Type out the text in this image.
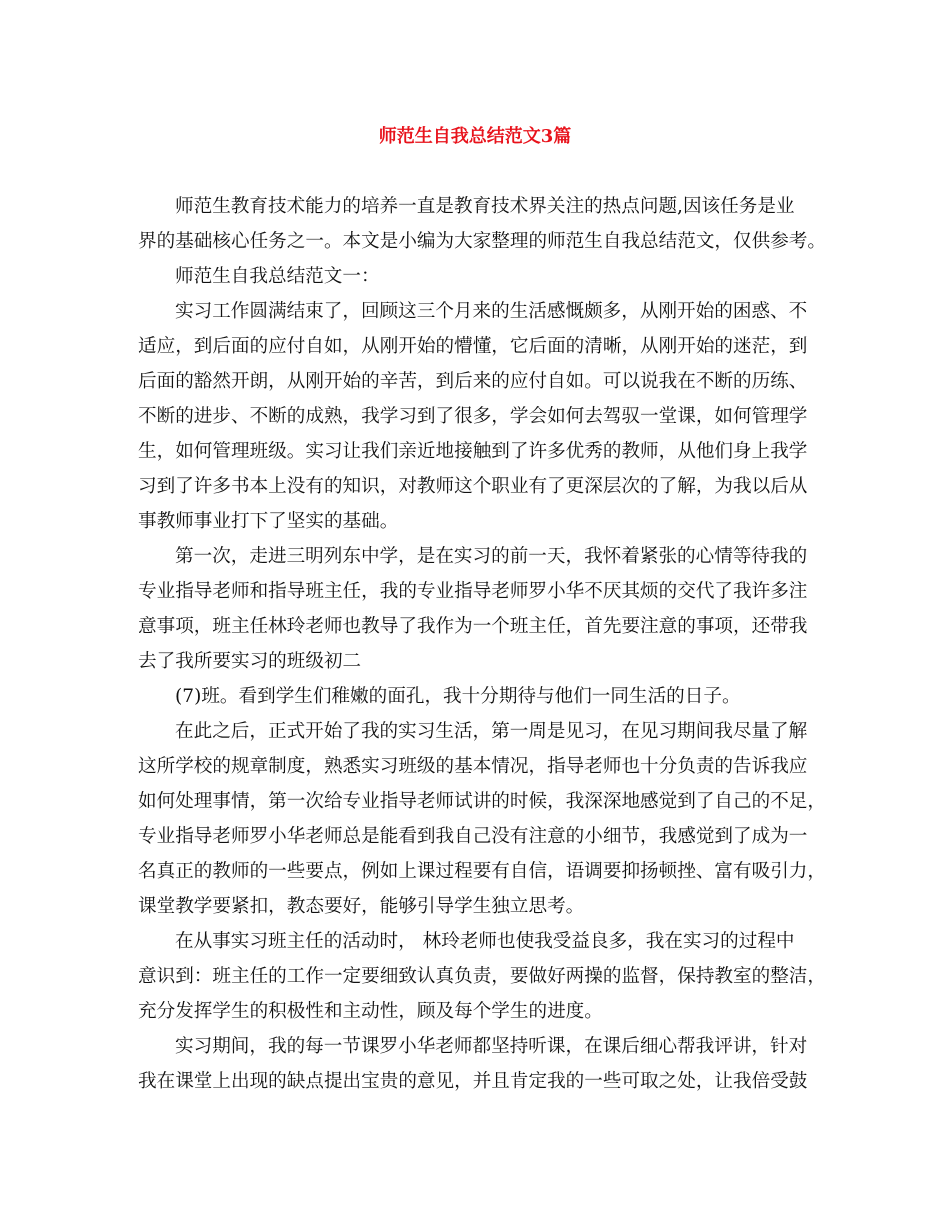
师范生自我总结范文3篇
师范生教育技术能力的培养一直是教育技术界关注的热点问题,因该任务是业
界的基础核心任务之一。本文是小编为大家整理的师范生自我总结范文，仅供参考。
师范生自我总结范文一：
实习工作圆满结束了，回顾这三个月来的生活感慨颇多，从刚开始的困惑、不
适应，到后面的应付自如，从刚开始的懵懂，它后面的清晰，从刚开始的迷茫，到
后面的豁然开朗，从刚开始的辛苦，到后来的应付自如。可以说我在不断的历练、
不断的进步、不断的成熟，我学习到了很多，学会如何去驾驭一堂课，如何管理学
生，如何管理班级。实习让我们亲近地接触到了许多优秀的教师，从他们身上我学
习到了许多书本上没有的知识，对教师这个职业有了更深层次的了解，为我以后从
事教师事业打下了坚实的基础。
第一次，走进三明列东中学，是在实习的前一天，我怀着紧张的心情等待我的
专业指导老师和指导班主任，我的专业指导老师罗小华不厌其烦的交代了我许多注
意事项，班主任林玲老师也教导了我作为一个班主任，首先要注意的事项，还带我
去了我所要实习的班级初二
(7)班。看到学生们稚嫩的面孔，我十分期待与他们一同生活的日子。
在此之后，正式开始了我的实习生活，第一周是见习，在见习期间我尽量了解
这所学校的规章制度，熟悉实习班级的基本情况，指导老师也十分负责的告诉我应
如何处理事情，第一次给专业指导老师试讲的时候，我深深地感觉到了自己的不足，
专业指导老师罗小华老师总是能看到我自己没有注意的小细节，我感觉到了成为一
名真正的教师的一些要点，例如上课过程要有自信，语调要抑扬顿挫、富有吸引力，
课堂教学要紧扣，教态要好，能够引导学生独立思考。
在从事实习班主任的活动时， 林玲老师也使我受益良多，我在实习的过程中
意识到：班主任的工作一定要细致认真负责，要做好两操的监督，保持教室的整洁，
充分发挥学生的积极性和主动性，顾及每个学生的进度。
实习期间，我的每一节课罗小华老师都坚持听课，在课后细心帮我评讲，针对
我在课堂上出现的缺点提出宝贵的意见，并且肯定我的一些可取之处，让我倍受鼓
